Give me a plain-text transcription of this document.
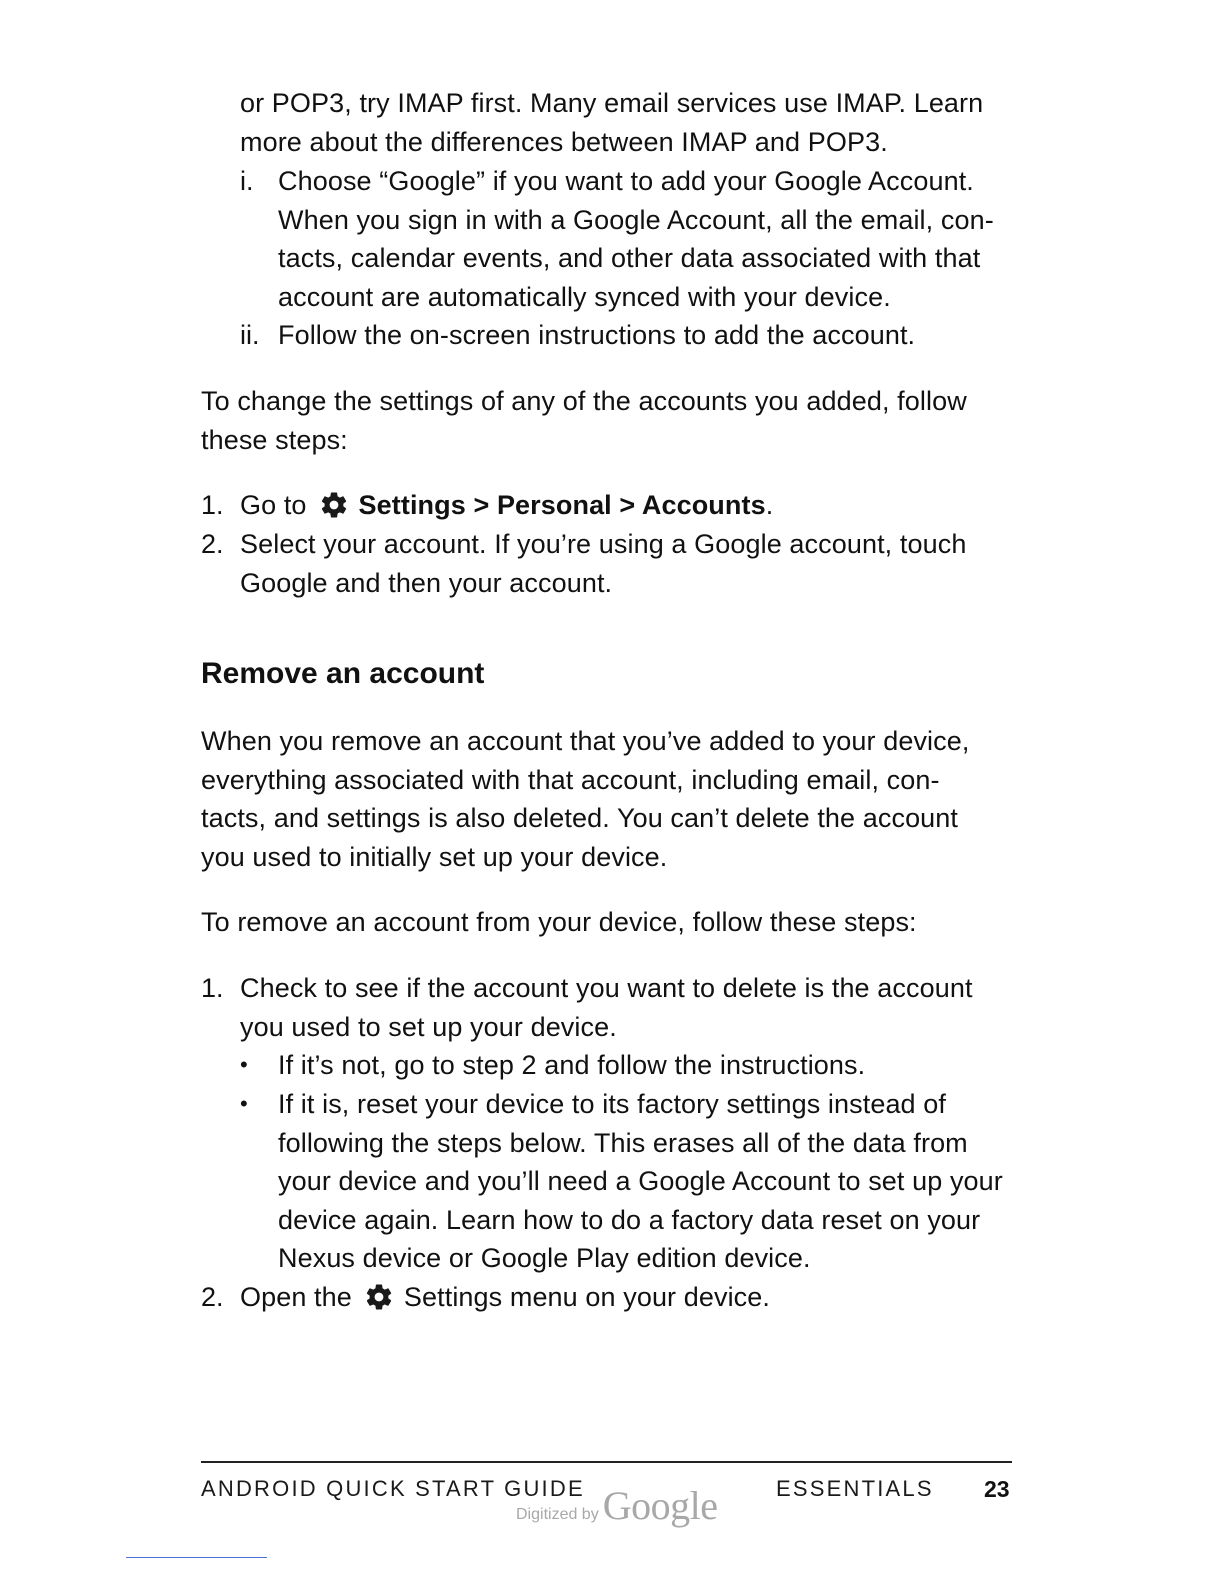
or POP3, try IMAP first. Many email services use IMAP. Learn
more about the differences between IMAP and POP3.
i. Choose “Google” if you want to add your Google Account.
When you sign in with a Google Account, all the email, con-
tacts, calendar events, and other data associated with that
account are automatically synced with your device.
ii. Follow the on-screen instructions to add the account.
To change the settings of any of the accounts you added, follow
these steps:
1. Go to Settings > Personal > Accounts.
2. Select your account. If you’re using a Google account, touch
Google and then your account.
Remove an account
When you remove an account that you’ve added to your device,
everything associated with that account, including email, con-
tacts, and settings is also deleted. You can’t delete the account
you used to initially set up your device.
To remove an account from your device, follow these steps:
1. Check to see if the account you want to delete is the account
you used to set up your device.
• If it’s not, go to step 2 and follow the instructions.
• If it is, reset your device to its factory settings instead of
following the steps below. This erases all of the data from
your device and you’ll need a Google Account to set up your
device again. Learn how to do a factory data reset on your
Nexus device or Google Play edition device.
2. Open the Settings menu on your device.
ANDROID QUICK START GUIDE	ESSENTIALS 23
Digitized by Google
